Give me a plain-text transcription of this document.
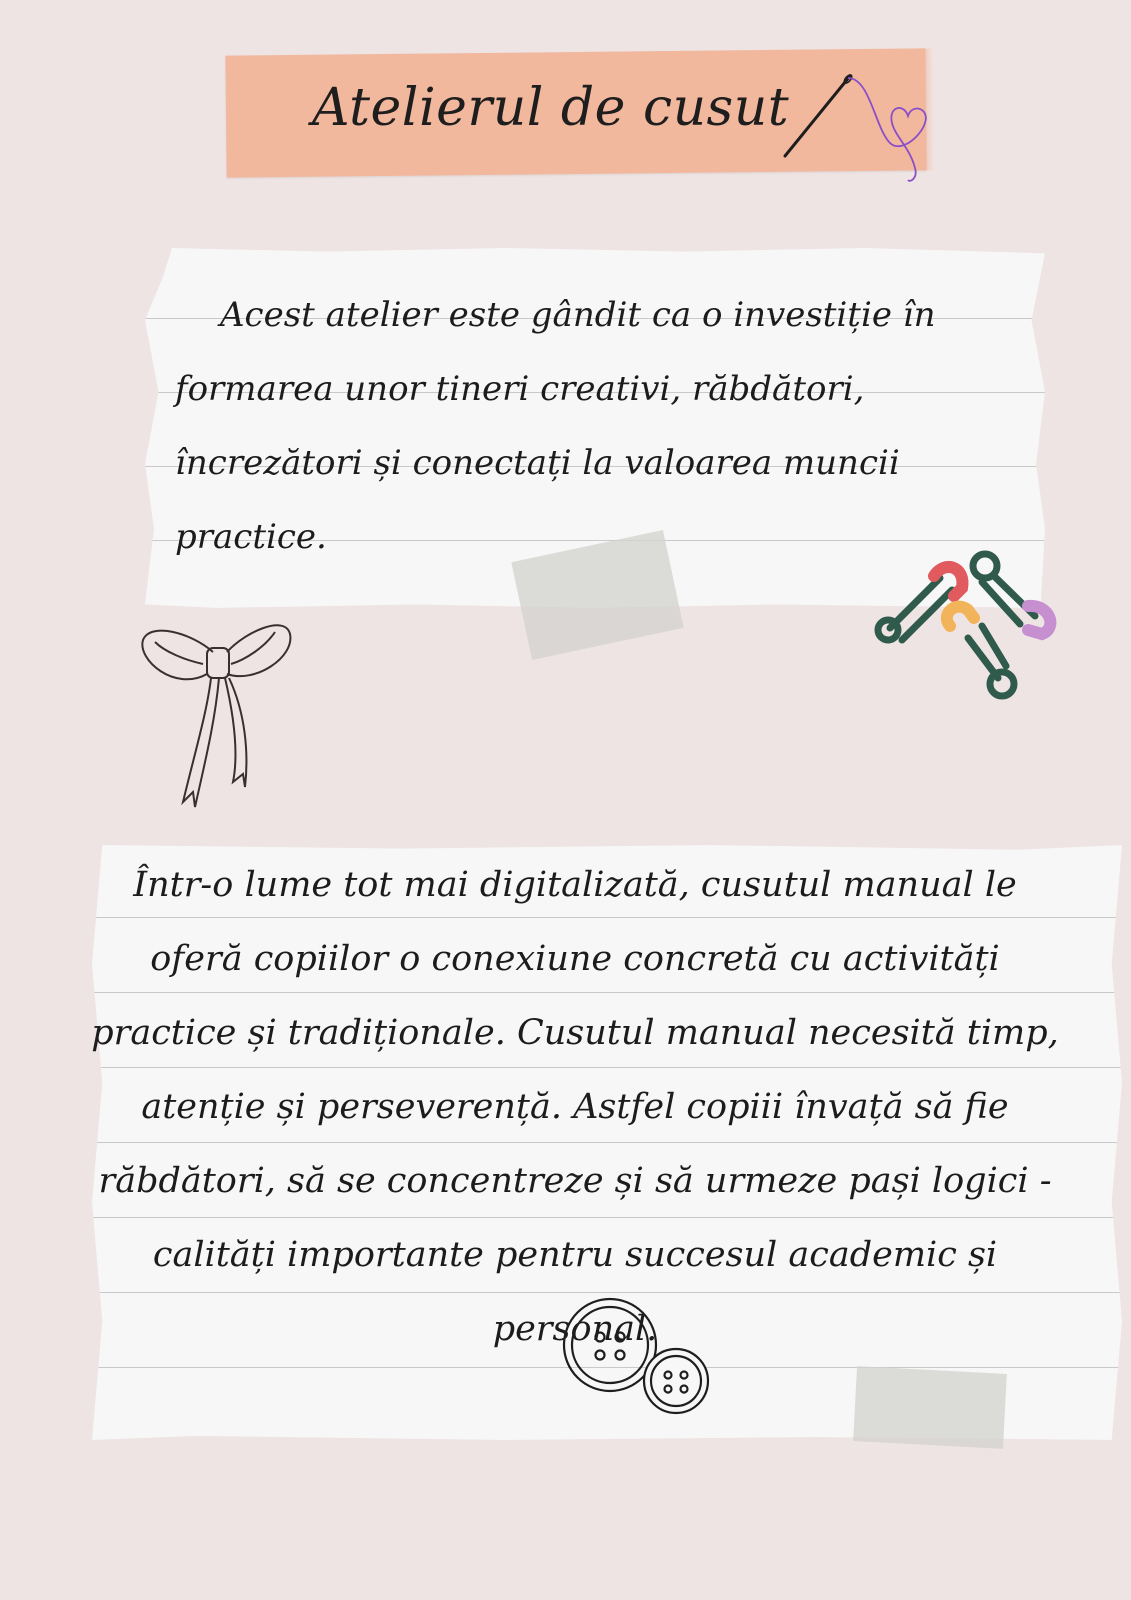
Atelierul de cusut

Acest atelier este gândit ca o investiție în formarea unor tineri creativi, răbdători, încrezători și conectați la valoarea muncii practice.

Într-o lume tot mai digitalizată, cusutul manual le oferă copiilor o conexiune concretă cu activități practice și tradiționale. Cusutul manual necesită timp, atenție și perseverență. Astfel copiii învață să fie răbdători, să se concentreze și să urmeze pași logici - calități importante pentru succesul academic și personal.
